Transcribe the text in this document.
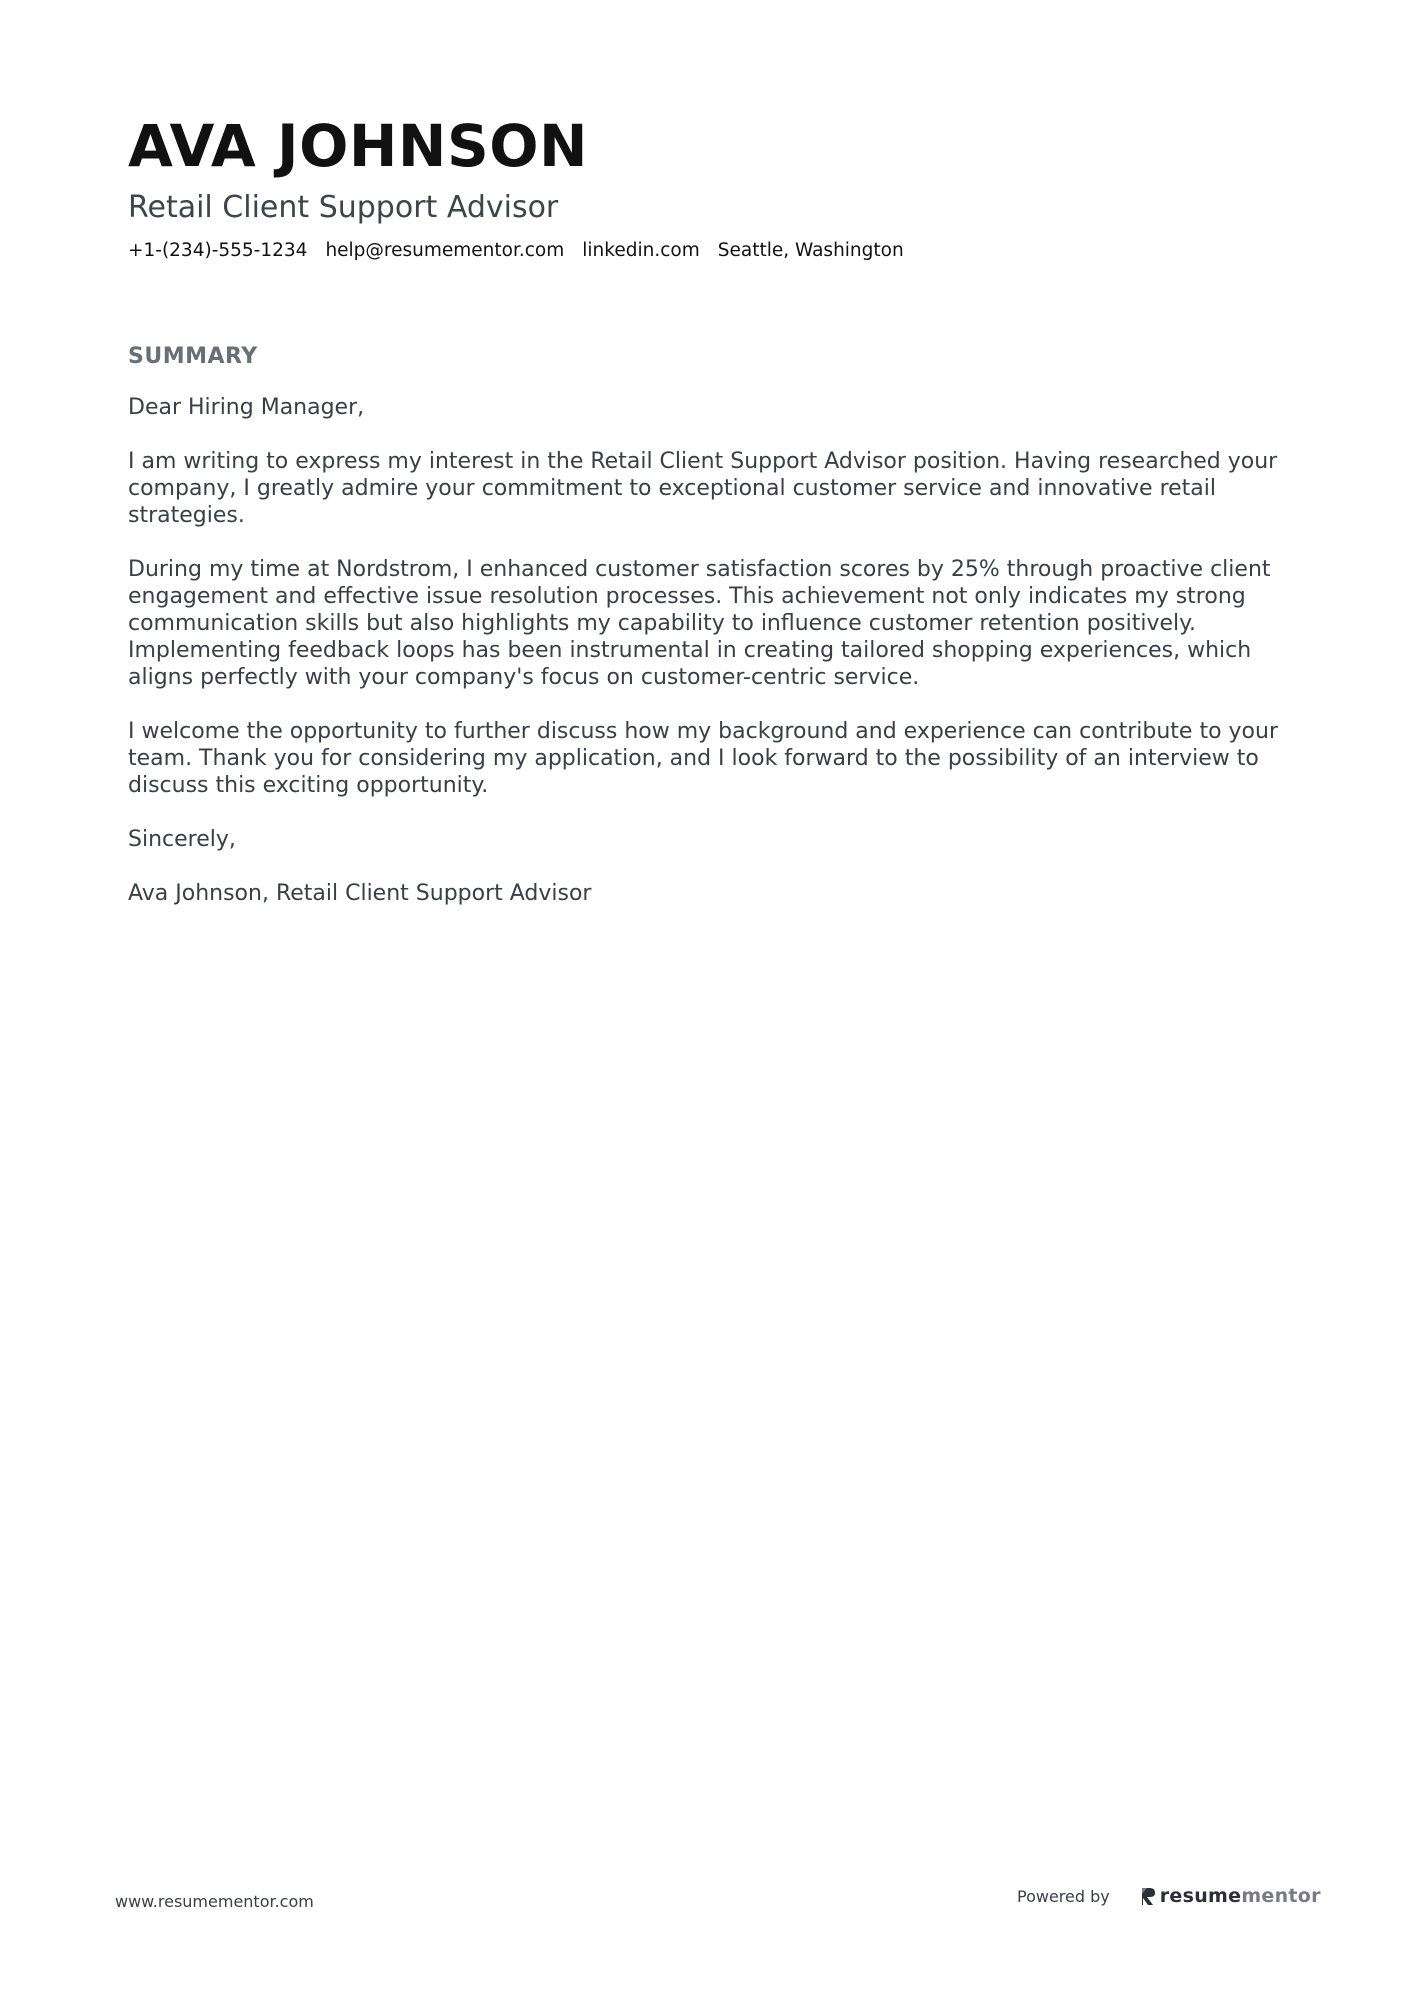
AVA JOHNSON
Retail Client Support Advisor
+1-(234)-555-1234 help@resumementor.com linkedin.com Seattle, Washington
SUMMARY

Dear Hiring Manager,

I am writing to express my interest in the Retail Client Support Advisor position. Having researched your company, I greatly admire your commitment to exceptional customer service and innovative retail strategies.

During my time at Nordstrom, I enhanced customer satisfaction scores by 25% through proactive client engagement and effective issue resolution processes. This achievement not only indicates my strong communication skills but also highlights my capability to influence customer retention positively. Implementing feedback loops has been instrumental in creating tailored shopping experiences, which aligns perfectly with your company's focus on customer-centric service.

I welcome the opportunity to further discuss how my background and experience can contribute to your team. Thank you for considering my application, and I look forward to the possibility of an interview to discuss this exciting opportunity.

Sincerely,

Ava Johnson, Retail Client Support Advisor

www.resumementor.com	Powered by	resumementor
